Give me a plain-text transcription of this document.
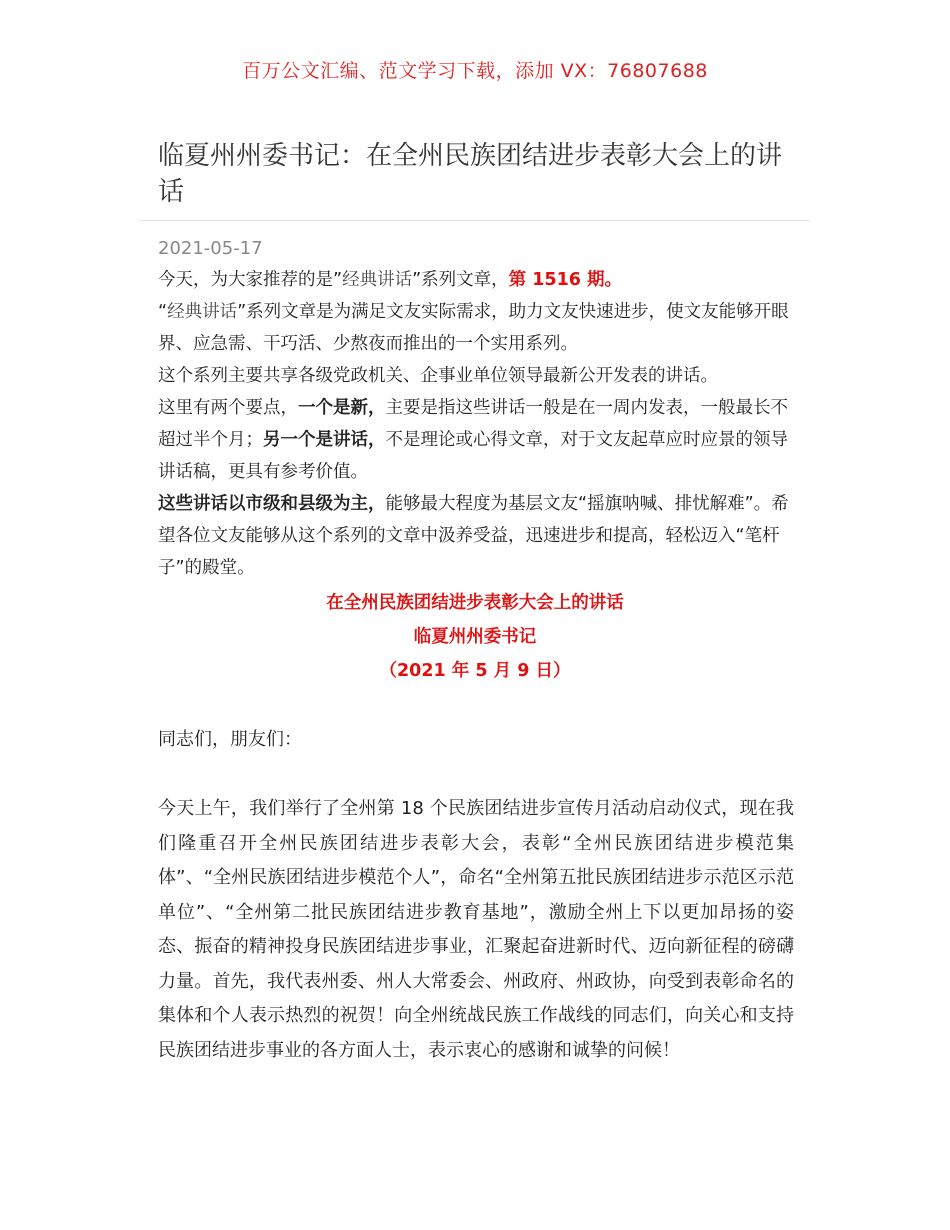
百万公文汇编、范文学习下载，添加 VX：76807688
临夏州州委书记：在全州民族团结进步表彰大会上的讲话
2021-05-17

今天，为大家推荐的是”经典讲话”系列文章，第 1516 期。

“经典讲话”系列文章是为满足文友实际需求，助力文友快速进步，使文友能够开眼界、应急需、干巧活、少熬夜而推出的一个实用系列。

这个系列主要共享各级党政机关、企事业单位领导最新公开发表的讲话。

这里有两个要点，一个是新，主要是指这些讲话一般是在一周内发表，一般最长不超过半个月；另一个是讲话，不是理论或心得文章，对于文友起草应时应景的领导讲话稿，更具有参考价值。

这些讲话以市级和县级为主，能够最大程度为基层文友“摇旗呐喊、排忧解难”。希望各位文友能够从这个系列的文章中汲养受益，迅速进步和提高，轻松迈入“笔杆子”的殿堂。

在全州民族团结进步表彰大会上的讲话
临夏州州委书记
（2021 年 5 月 9 日）
同志们，朋友们：

今天上午，我们举行了全州第 18 个民族团结进步宣传月活动启动仪式，现在我们隆重召开全州民族团结进步表彰大会，表彰“全州民族团结进步模范集体”、“全州民族团结进步模范个人”，命名“全州第五批民族团结进步示范区示范单位”、“全州第二批民族团结进步教育基地”，激励全州上下以更加昂扬的姿态、振奋的精神投身民族团结进步事业，汇聚起奋进新时代、迈向新征程的磅礴力量。首先，我代表州委、州人大常委会、州政府、州政协，向受到表彰命名的集体和个人表示热烈的祝贺！向全州统战民族工作战线的同志们，向关心和支持民族团结进步事业的各方面人士，表示衷心的感谢和诚挚的问候！
